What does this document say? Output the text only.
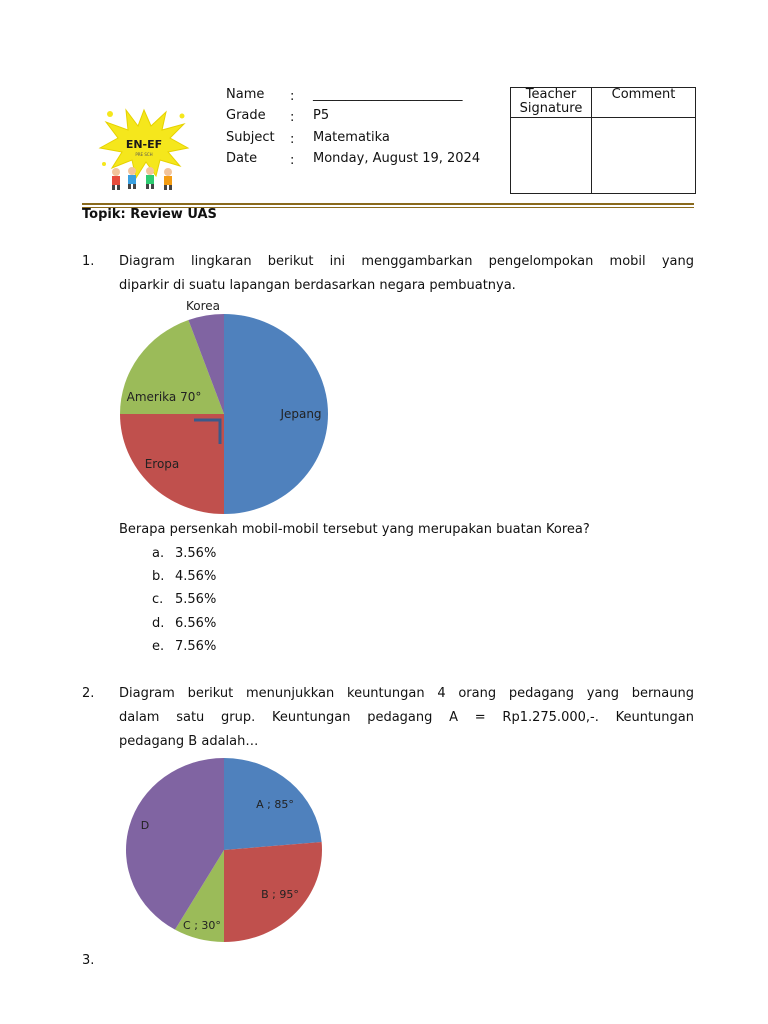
EN-EF
PRE SCH
Name : _______________________
Grade : P5
Subject : Matematika
Date	: Monday, August 19, 2024
Teacher
Signature
Comment
Topik: Review UAS
1. Diagram lingkaran berikut ini menggambarkan pengelompokan mobil yang
diparkir di suatu lapangan berdasarkan negara pembuatnya.
Jepang
Eropa
Amerika 70°
Korea
Berapa persenkah mobil-mobil tersebut yang merupakan buatan Korea?
a. 3.56%
b. 4.56%
c. 5.56%
d. 6.56%
e. 7.56%
2. Diagram berikut menunjukkan keuntungan 4 orang pedagang yang bernaung
dalam satu grup. Keuntungan pedagang A = Rp1.275.000,-. Keuntungan
pedagang B adalah…
A ; 85°
B ; 95°
C ; 30°
D
3.
